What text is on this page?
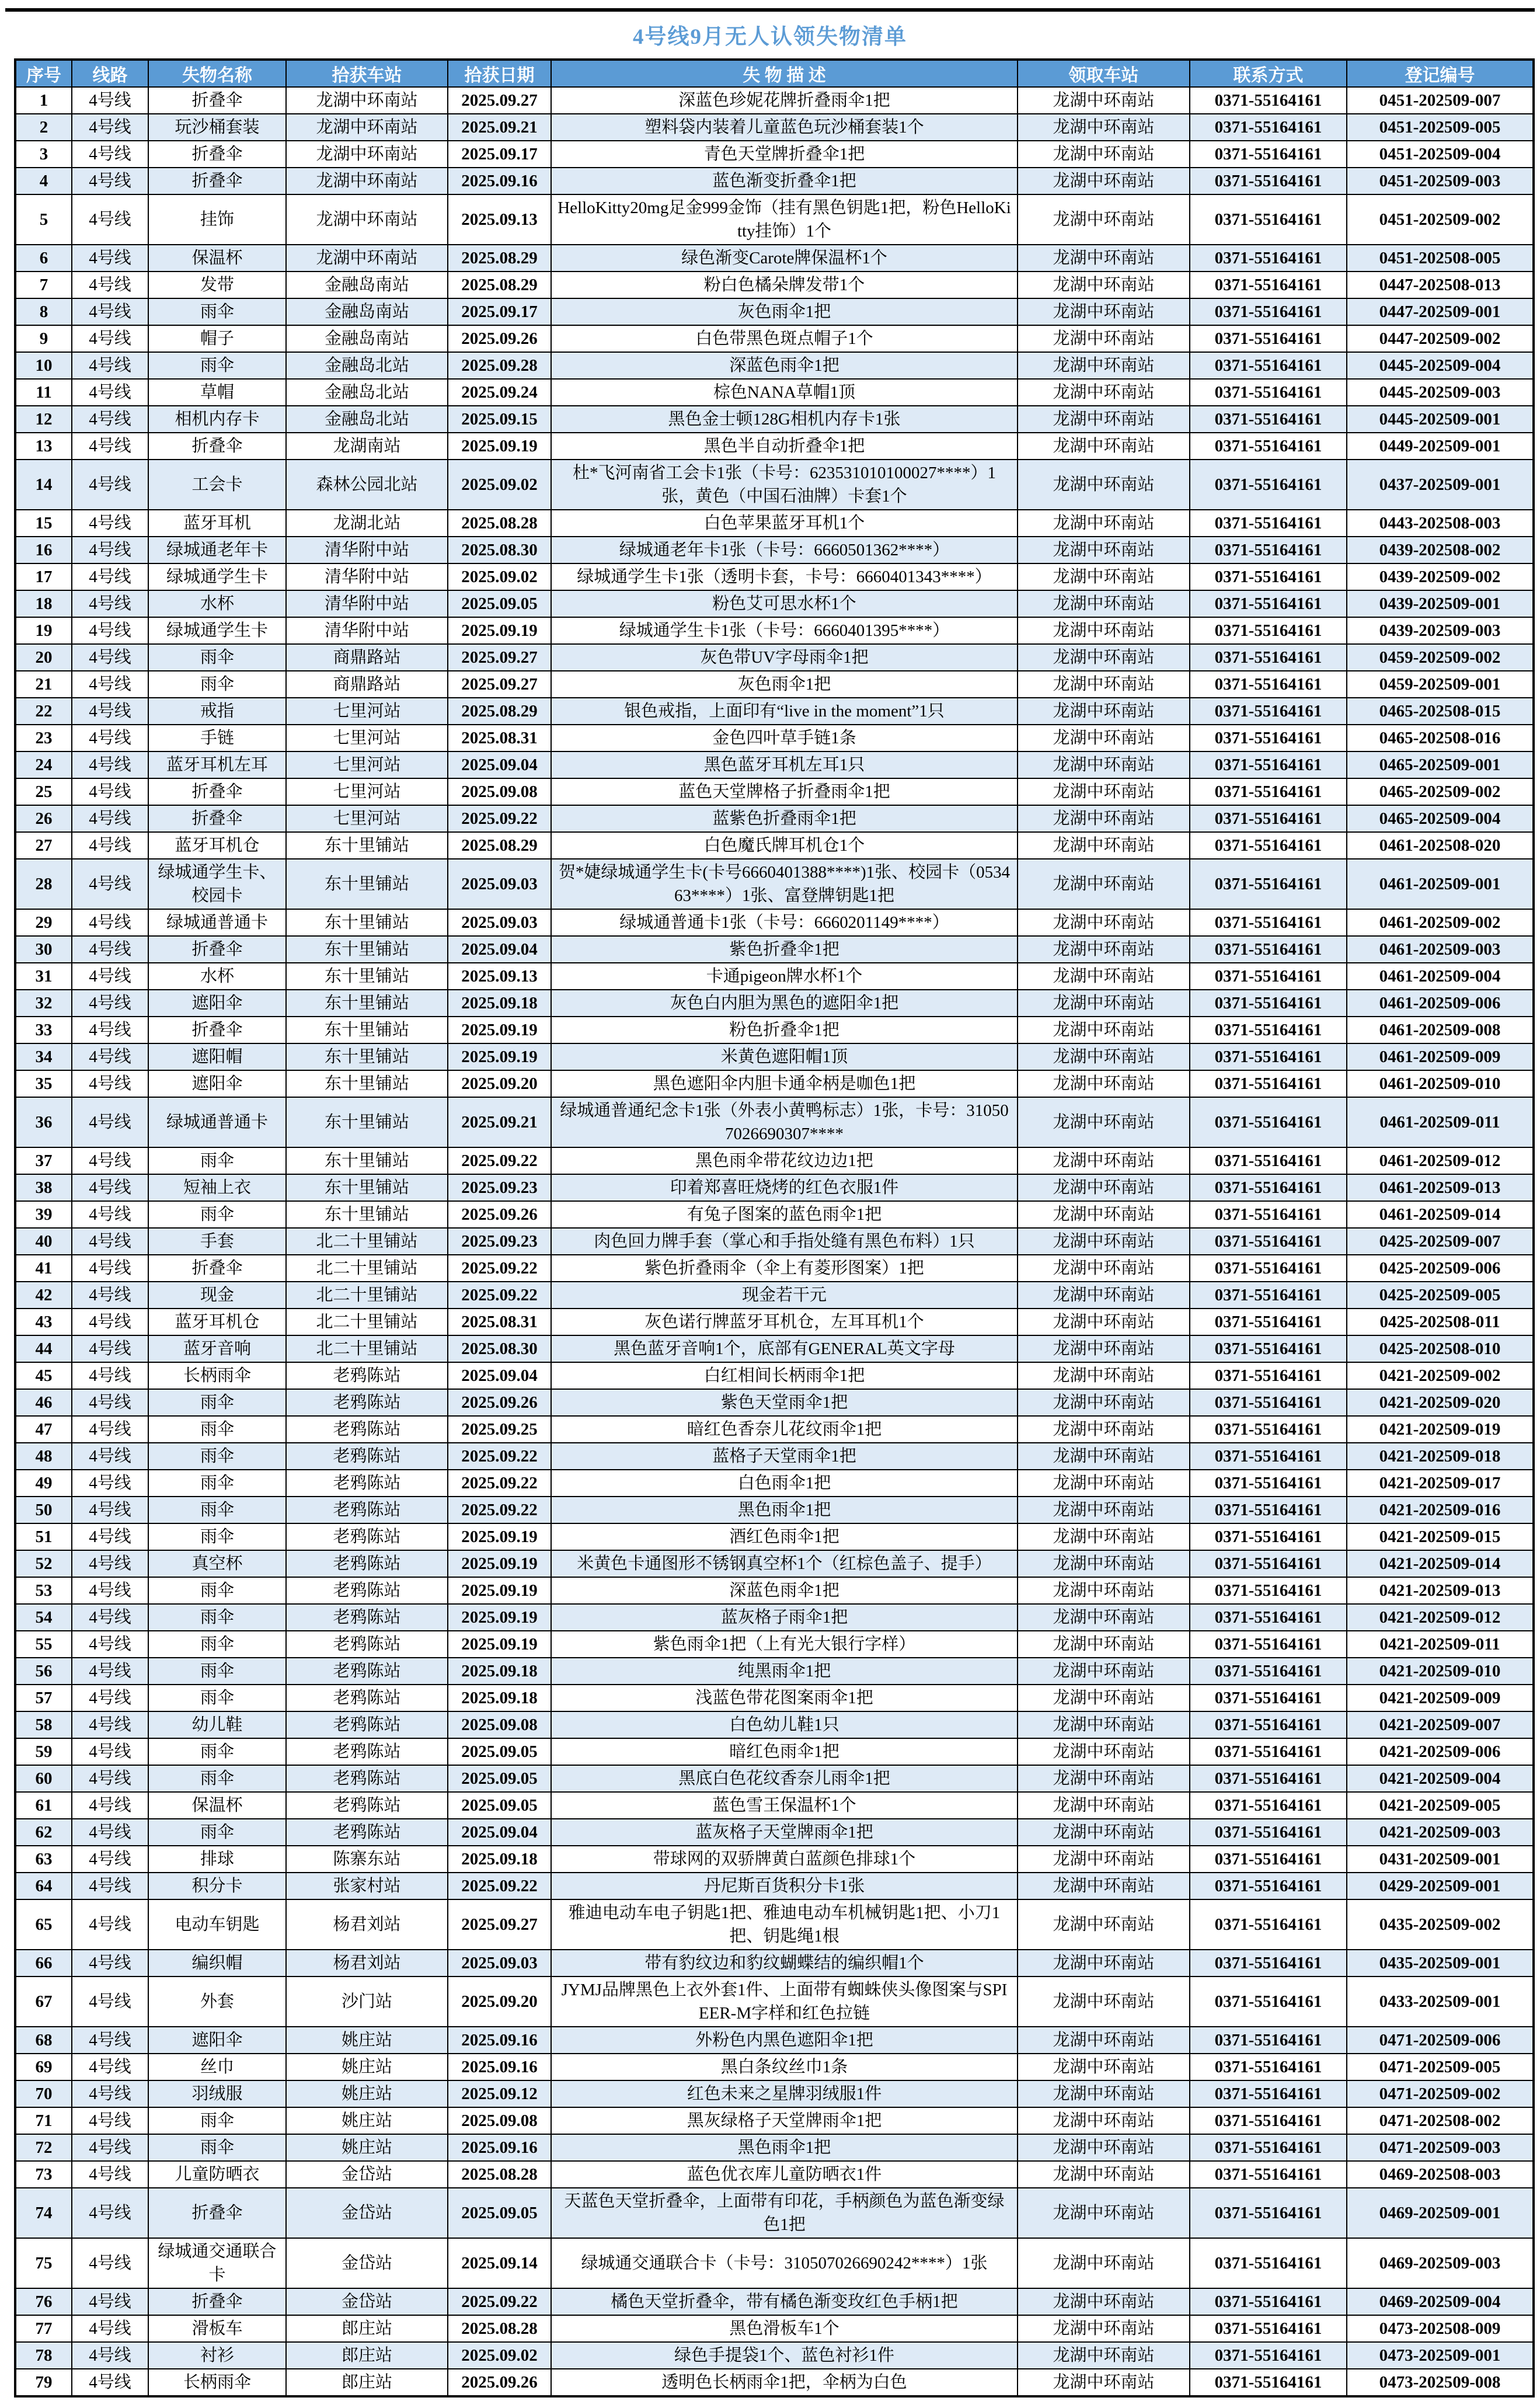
4号线9月无人认领失物清单
序号	线路	失物名称	拾获车站	拾获日期	失 物 描 述	领取车站	联系方式	登记编号
1	4号线	折叠伞	龙湖中环南站	2025.09.27	深蓝色珍妮花牌折叠雨伞1把	龙湖中环南站	0371-55164161	0451-202509-007
2	4号线	玩沙桶套装	龙湖中环南站	2025.09.21	塑料袋内装着儿童蓝色玩沙桶套装1个	龙湖中环南站	0371-55164161	0451-202509-005
3	4号线	折叠伞	龙湖中环南站	2025.09.17	青色天堂牌折叠伞1把	龙湖中环南站	0371-55164161	0451-202509-004
4	4号线	折叠伞	龙湖中环南站	2025.09.16	蓝色渐变折叠伞1把	龙湖中环南站	0371-55164161	0451-202509-003
5	4号线	挂饰	龙湖中环南站	2025.09.13	HelloKitty20mg足金999金饰（挂有黑色钥匙1把，粉色HelloKitty挂饰）1个	龙湖中环南站	0371-55164161	0451-202509-002
6	4号线	保温杯	龙湖中环南站	2025.08.29	绿色渐变Carote牌保温杯1个	龙湖中环南站	0371-55164161	0451-202508-005
7	4号线	发带	金融岛南站	2025.08.29	粉白色橘朵牌发带1个	龙湖中环南站	0371-55164161	0447-202508-013
8	4号线	雨伞	金融岛南站	2025.09.17	灰色雨伞1把	龙湖中环南站	0371-55164161	0447-202509-001
9	4号线	帽子	金融岛南站	2025.09.26	白色带黑色斑点帽子1个	龙湖中环南站	0371-55164161	0447-202509-002
10	4号线	雨伞	金融岛北站	2025.09.28	深蓝色雨伞1把	龙湖中环南站	0371-55164161	0445-202509-004
11	4号线	草帽	金融岛北站	2025.09.24	棕色NANA草帽1顶	龙湖中环南站	0371-55164161	0445-202509-003
12	4号线	相机内存卡	金融岛北站	2025.09.15	黑色金士顿128G相机内存卡1张	龙湖中环南站	0371-55164161	0445-202509-001
13	4号线	折叠伞	龙湖南站	2025.09.19	黑色半自动折叠伞1把	龙湖中环南站	0371-55164161	0449-202509-001
14	4号线	工会卡	森林公园北站	2025.09.02	杜*飞河南省工会卡1张（卡号：623531010100027****）1张，黄色（中国石油牌）卡套1个	龙湖中环南站	0371-55164161	0437-202509-001
15	4号线	蓝牙耳机	龙湖北站	2025.08.28	白色苹果蓝牙耳机1个	龙湖中环南站	0371-55164161	0443-202508-003
16	4号线	绿城通老年卡	清华附中站	2025.08.30	绿城通老年卡1张（卡号：6660501362****）	龙湖中环南站	0371-55164161	0439-202508-002
17	4号线	绿城通学生卡	清华附中站	2025.09.02	绿城通学生卡1张（透明卡套，卡号：6660401343****）	龙湖中环南站	0371-55164161	0439-202509-002
18	4号线	水杯	清华附中站	2025.09.05	粉色艾可思水杯1个	龙湖中环南站	0371-55164161	0439-202509-001
19	4号线	绿城通学生卡	清华附中站	2025.09.19	绿城通学生卡1张（卡号：6660401395****）	龙湖中环南站	0371-55164161	0439-202509-003
20	4号线	雨伞	商鼎路站	2025.09.27	灰色带UV字母雨伞1把	龙湖中环南站	0371-55164161	0459-202509-002
21	4号线	雨伞	商鼎路站	2025.09.27	灰色雨伞1把	龙湖中环南站	0371-55164161	0459-202509-001
22	4号线	戒指	七里河站	2025.08.29	银色戒指，上面印有“live in the moment”1只	龙湖中环南站	0371-55164161	0465-202508-015
23	4号线	手链	七里河站	2025.08.31	金色四叶草手链1条	龙湖中环南站	0371-55164161	0465-202508-016
24	4号线	蓝牙耳机左耳	七里河站	2025.09.04	黑色蓝牙耳机左耳1只	龙湖中环南站	0371-55164161	0465-202509-001
25	4号线	折叠伞	七里河站	2025.09.08	蓝色天堂牌格子折叠雨伞1把	龙湖中环南站	0371-55164161	0465-202509-002
26	4号线	折叠伞	七里河站	2025.09.22	蓝紫色折叠雨伞1把	龙湖中环南站	0371-55164161	0465-202509-004
27	4号线	蓝牙耳机仓	东十里铺站	2025.08.29	白色魔氏牌耳机仓1个	龙湖中环南站	0371-55164161	0461-202508-020
28	4号线	绿城通学生卡、校园卡	东十里铺站	2025.09.03	贺*婕绿城通学生卡(卡号6660401388****)1张、校园卡（053463****）1张、富登牌钥匙1把	龙湖中环南站	0371-55164161	0461-202509-001
29	4号线	绿城通普通卡	东十里铺站	2025.09.03	绿城通普通卡1张（卡号：6660201149****）	龙湖中环南站	0371-55164161	0461-202509-002
30	4号线	折叠伞	东十里铺站	2025.09.04	紫色折叠伞1把	龙湖中环南站	0371-55164161	0461-202509-003
31	4号线	水杯	东十里铺站	2025.09.13	卡通pigeon牌水杯1个	龙湖中环南站	0371-55164161	0461-202509-004
32	4号线	遮阳伞	东十里铺站	2025.09.18	灰色白内胆为黑色的遮阳伞1把	龙湖中环南站	0371-55164161	0461-202509-006
33	4号线	折叠伞	东十里铺站	2025.09.19	粉色折叠伞1把	龙湖中环南站	0371-55164161	0461-202509-008
34	4号线	遮阳帽	东十里铺站	2025.09.19	米黄色遮阳帽1顶	龙湖中环南站	0371-55164161	0461-202509-009
35	4号线	遮阳伞	东十里铺站	2025.09.20	黑色遮阳伞内胆卡通伞柄是咖色1把	龙湖中环南站	0371-55164161	0461-202509-010
36	4号线	绿城通普通卡	东十里铺站	2025.09.21	绿城通普通纪念卡1张（外表小黄鸭标志）1张，卡号：310507026690307****	龙湖中环南站	0371-55164161	0461-202509-011
37	4号线	雨伞	东十里铺站	2025.09.22	黑色雨伞带花纹边边1把	龙湖中环南站	0371-55164161	0461-202509-012
38	4号线	短袖上衣	东十里铺站	2025.09.23	印着郑喜旺烧烤的红色衣服1件	龙湖中环南站	0371-55164161	0461-202509-013
39	4号线	雨伞	东十里铺站	2025.09.26	有兔子图案的蓝色雨伞1把	龙湖中环南站	0371-55164161	0461-202509-014
40	4号线	手套	北二十里铺站	2025.09.23	肉色回力牌手套（掌心和手指处缝有黑色布料）1只	龙湖中环南站	0371-55164161	0425-202509-007
41	4号线	折叠伞	北二十里铺站	2025.09.22	紫色折叠雨伞（伞上有菱形图案）1把	龙湖中环南站	0371-55164161	0425-202509-006
42	4号线	现金	北二十里铺站	2025.09.22	现金若干元	龙湖中环南站	0371-55164161	0425-202509-005
43	4号线	蓝牙耳机仓	北二十里铺站	2025.08.31	灰色诺行牌蓝牙耳机仓，左耳耳机1个	龙湖中环南站	0371-55164161	0425-202508-011
44	4号线	蓝牙音响	北二十里铺站	2025.08.30	黑色蓝牙音响1个，底部有GENERAL英文字母	龙湖中环南站	0371-55164161	0425-202508-010
45	4号线	长柄雨伞	老鸦陈站	2025.09.04	白红相间长柄雨伞1把	龙湖中环南站	0371-55164161	0421-202509-002
46	4号线	雨伞	老鸦陈站	2025.09.26	紫色天堂雨伞1把	龙湖中环南站	0371-55164161	0421-202509-020
47	4号线	雨伞	老鸦陈站	2025.09.25	暗红色香奈儿花纹雨伞1把	龙湖中环南站	0371-55164161	0421-202509-019
48	4号线	雨伞	老鸦陈站	2025.09.22	蓝格子天堂雨伞1把	龙湖中环南站	0371-55164161	0421-202509-018
49	4号线	雨伞	老鸦陈站	2025.09.22	白色雨伞1把	龙湖中环南站	0371-55164161	0421-202509-017
50	4号线	雨伞	老鸦陈站	2025.09.22	黑色雨伞1把	龙湖中环南站	0371-55164161	0421-202509-016
51	4号线	雨伞	老鸦陈站	2025.09.19	酒红色雨伞1把	龙湖中环南站	0371-55164161	0421-202509-015
52	4号线	真空杯	老鸦陈站	2025.09.19	米黄色卡通图形不锈钢真空杯1个（红棕色盖子、提手）	龙湖中环南站	0371-55164161	0421-202509-014
53	4号线	雨伞	老鸦陈站	2025.09.19	深蓝色雨伞1把	龙湖中环南站	0371-55164161	0421-202509-013
54	4号线	雨伞	老鸦陈站	2025.09.19	蓝灰格子雨伞1把	龙湖中环南站	0371-55164161	0421-202509-012
55	4号线	雨伞	老鸦陈站	2025.09.19	紫色雨伞1把（上有光大银行字样）	龙湖中环南站	0371-55164161	0421-202509-011
56	4号线	雨伞	老鸦陈站	2025.09.18	纯黑雨伞1把	龙湖中环南站	0371-55164161	0421-202509-010
57	4号线	雨伞	老鸦陈站	2025.09.18	浅蓝色带花图案雨伞1把	龙湖中环南站	0371-55164161	0421-202509-009
58	4号线	幼儿鞋	老鸦陈站	2025.09.08	白色幼儿鞋1只	龙湖中环南站	0371-55164161	0421-202509-007
59	4号线	雨伞	老鸦陈站	2025.09.05	暗红色雨伞1把	龙湖中环南站	0371-55164161	0421-202509-006
60	4号线	雨伞	老鸦陈站	2025.09.05	黑底白色花纹香奈儿雨伞1把	龙湖中环南站	0371-55164161	0421-202509-004
61	4号线	保温杯	老鸦陈站	2025.09.05	蓝色雪王保温杯1个	龙湖中环南站	0371-55164161	0421-202509-005
62	4号线	雨伞	老鸦陈站	2025.09.04	蓝灰格子天堂牌雨伞1把	龙湖中环南站	0371-55164161	0421-202509-003
63	4号线	排球	陈寨东站	2025.09.18	带球网的双骄牌黄白蓝颜色排球1个	龙湖中环南站	0371-55164161	0431-202509-001
64	4号线	积分卡	张家村站	2025.09.22	丹尼斯百货积分卡1张	龙湖中环南站	0371-55164161	0429-202509-001
65	4号线	电动车钥匙	杨君刘站	2025.09.27	雅迪电动车电子钥匙1把、雅迪电动车机械钥匙1把、小刀1把、钥匙绳1根	龙湖中环南站	0371-55164161	0435-202509-002
66	4号线	编织帽	杨君刘站	2025.09.03	带有豹纹边和豹纹蝴蝶结的编织帽1个	龙湖中环南站	0371-55164161	0435-202509-001
67	4号线	外套	沙门站	2025.09.20	JYMJ品牌黑色上衣外套1件、上面带有蜘蛛侠头像图案与SPIEER-M字样和红色拉链	龙湖中环南站	0371-55164161	0433-202509-001
68	4号线	遮阳伞	姚庄站	2025.09.16	外粉色内黑色遮阳伞1把	龙湖中环南站	0371-55164161	0471-202509-006
69	4号线	丝巾	姚庄站	2025.09.16	黑白条纹丝巾1条	龙湖中环南站	0371-55164161	0471-202509-005
70	4号线	羽绒服	姚庄站	2025.09.12	红色未来之星牌羽绒服1件	龙湖中环南站	0371-55164161	0471-202509-002
71	4号线	雨伞	姚庄站	2025.09.08	黑灰绿格子天堂牌雨伞1把	龙湖中环南站	0371-55164161	0471-202508-002
72	4号线	雨伞	姚庄站	2025.09.16	黑色雨伞1把	龙湖中环南站	0371-55164161	0471-202509-003
73	4号线	儿童防晒衣	金岱站	2025.08.28	蓝色优衣库儿童防晒衣1件	龙湖中环南站	0371-55164161	0469-202508-003
74	4号线	折叠伞	金岱站	2025.09.05	天蓝色天堂折叠伞，上面带有印花，手柄颜色为蓝色渐变绿色1把	龙湖中环南站	0371-55164161	0469-202509-001
75	4号线	绿城通交通联合卡	金岱站	2025.09.14	绿城通交通联合卡（卡号：310507026690242****）1张	龙湖中环南站	0371-55164161	0469-202509-003
76	4号线	折叠伞	金岱站	2025.09.22	橘色天堂折叠伞，带有橘色渐变玫红色手柄1把	龙湖中环南站	0371-55164161	0469-202509-004
77	4号线	滑板车	郎庄站	2025.08.28	黑色滑板车1个	龙湖中环南站	0371-55164161	0473-202508-009
78	4号线	衬衫	郎庄站	2025.09.02	绿色手提袋1个、蓝色衬衫1件	龙湖中环南站	0371-55164161	0473-202509-001
79	4号线	长柄雨伞	郎庄站	2025.09.26	透明色长柄雨伞1把，伞柄为白色	龙湖中环南站	0371-55164161	0473-202509-008
